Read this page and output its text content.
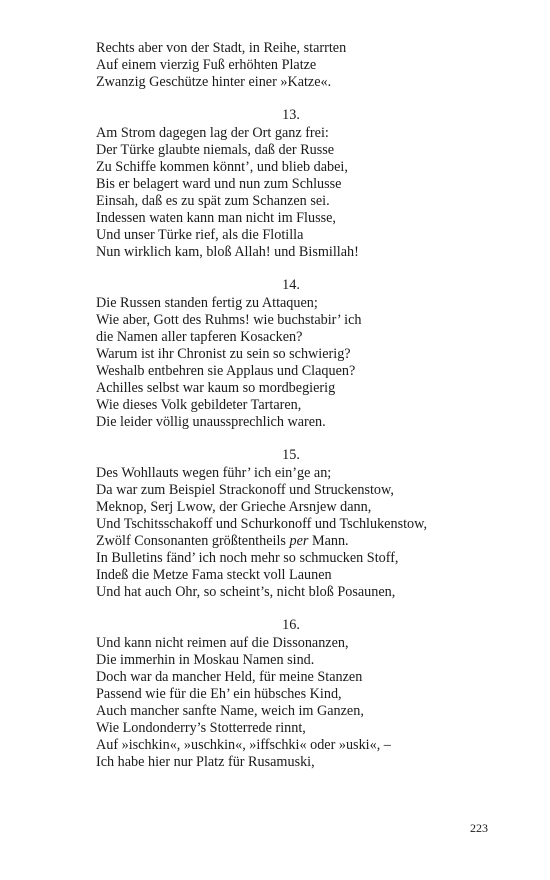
Rechts aber von der Stadt, in Reihe, starrten
Auf einem vierzig Fuß erhöhten Platze
Zwanzig Geschütze hinter einer »Katze«.
13.
Am Strom dagegen lag der Ort ganz frei:
Der Türke glaubte niemals, daß der Russe
Zu Schiffe kommen könnt’, und blieb dabei,
Bis er belagert ward und nun zum Schlusse
Einsah, daß es zu spät zum Schanzen sei.
Indessen waten kann man nicht im Flusse,
Und unser Türke rief, als die Flotilla
Nun wirklich kam, bloß Allah! und Bismillah!
14.
Die Russen standen fertig zu Attaquen;
Wie aber, Gott des Ruhms! wie buchstabir’ ich
die Namen aller tapferen Kosacken?
Warum ist ihr Chronist zu sein so schwierig?
Weshalb entbehren sie Applaus und Claquen?
Achilles selbst war kaum so mordbegierig
Wie dieses Volk gebildeter Tartaren,
Die leider völlig unaussprechlich waren.
15.
Des Wohllauts wegen führ’ ich ein’ge an;
Da war zum Beispiel Strackonoff und Struckenstow,
Meknop, Serj Lwow, der Grieche Arsnjew dann,
Und Tschitsschakoff und Schurkonoff und Tschlukenstow,
Zwölf Consonanten größtentheils per Mann.
In Bulletins fänd’ ich noch mehr so schmucken Stoff,
Indeß die Metze Fama steckt voll Launen
Und hat auch Ohr, so scheint’s, nicht bloß Posaunen,
16.
Und kann nicht reimen auf die Dissonanzen,
Die immerhin in Moskau Namen sind.
Doch war da mancher Held, für meine Stanzen
Passend wie für die Eh’ ein hübsches Kind,
Auch mancher sanfte Name, weich im Ganzen,
Wie Londonderry’s Stotterrede rinnt,
Auf »ischkin«, »uschkin«, »iffschki« oder »uski«, –
Ich habe hier nur Platz für Rusamuski,
223
